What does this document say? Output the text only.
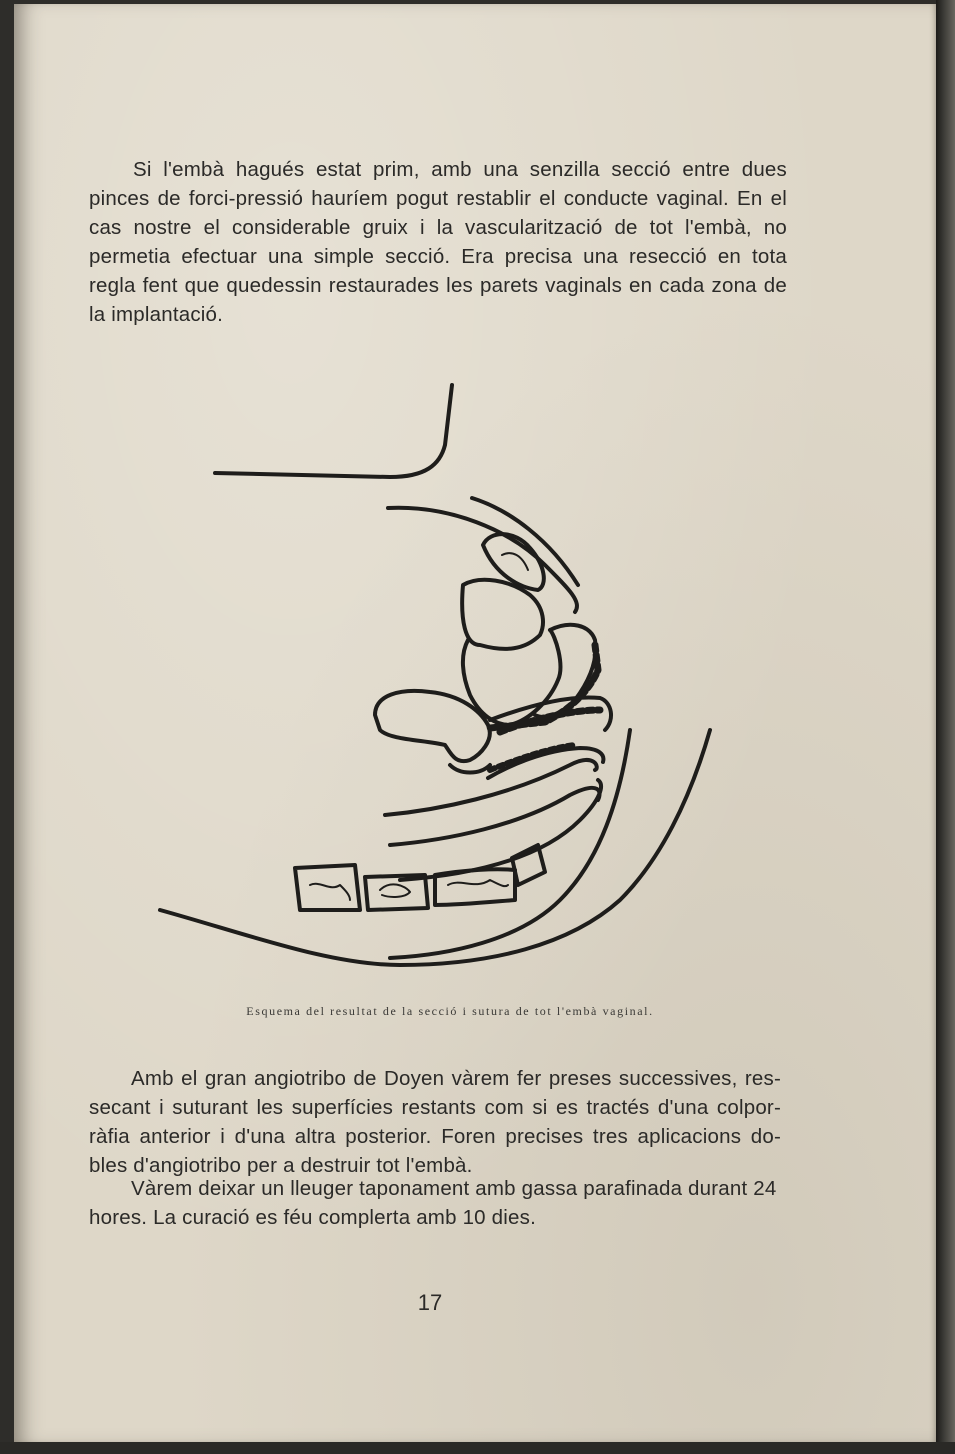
Si l'embà hagués estat prim, amb una senzilla secció entre dues pinces de forci-pressió hauríem pogut restablir el conducte vaginal. En el cas nostre el considerable gruix i la vascularització de tot l'embà, no permetia efectuar una simple secció. Era precisa una resecció en tota regla fent que quedessin restaurades les parets vaginals en cada zona de la implantació.

Esquema del resultat de la secció i sutura de tot l'embà vaginal.

Amb el gran angiotribo de Doyen vàrem fer preses successives, res-secant i suturant les superfícies restants com si es tractés d'una colpor-ràfia anterior i d'una altra posterior. Foren precises tres aplicacions do-bles d'angiotribo per a destruir tot l'embà.

Vàrem deixar un lleuger taponament amb gassa parafinada durant 24 hores. La curació es féu complerta amb 10 dies.

17
